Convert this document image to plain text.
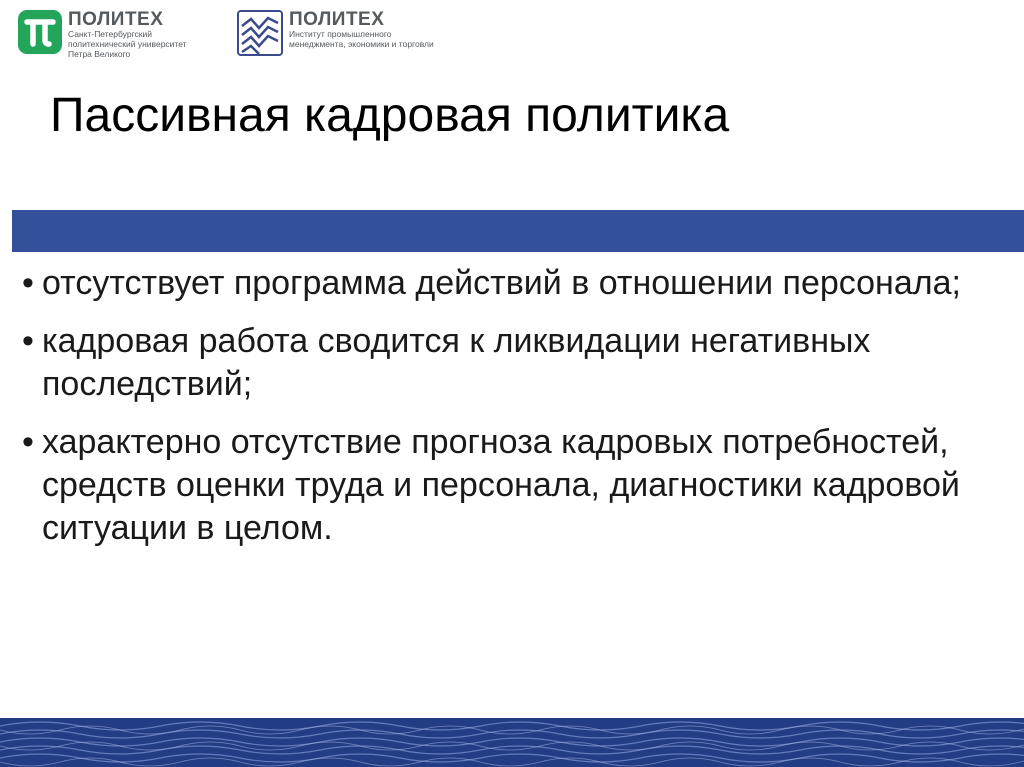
ПОЛИТЕХ
Санкт-Петербургский
политехнический университет
Петра Великого
ПОЛИТЕХ
Институт промышленного
менеджмента, экономики и торговли
Пассивная кадровая политика
• отсутствует программа действий в отношении персонала;
• кадровая работа сводится к ликвидации негативных последствий;
• характерно отсутствие прогноза кадровых потребностей, средств оценки труда и персонала, диагностики кадровой ситуации в целом.
